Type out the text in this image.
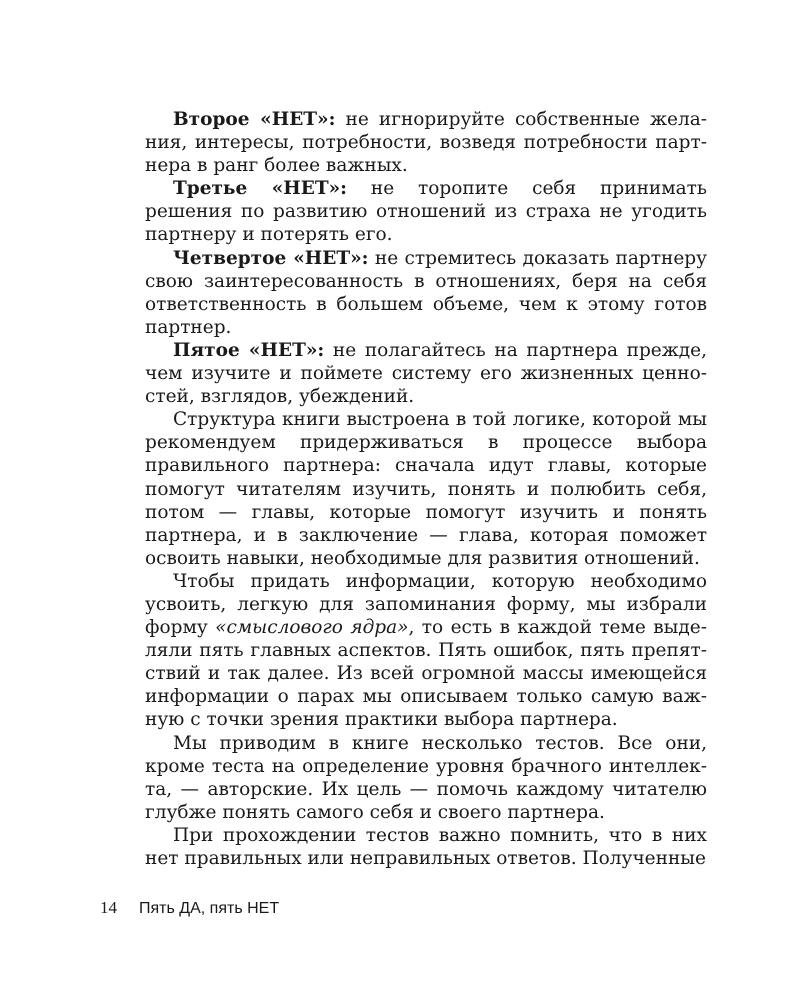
Второе «НЕТ»: не игнорируйте собственные желания, интересы, потребности, возведя потребности партнера в ранг более важных.

Третье «НЕТ»: не торопите себя принимать решения по развитию отношений из страха не угодить партнеру и потерять его.

Четвертое «НЕТ»: не стремитесь доказать партнеру свою заинтересованность в отношениях, беря на себя ответственность в большем объеме, чем к этому готов партнер.

Пятое «НЕТ»: не полагайтесь на партнера прежде, чем изучите и поймете систему его жизненных ценностей, взглядов, убеждений.

Структура книги выстроена в той логике, которой мы рекомендуем придерживаться в процессе выбора правильного партнера: сначала идут главы, которые помогут читателям изучить, понять и полюбить себя, потом — главы, которые помогут изучить и понять партнера, и в заключение — глава, которая поможет освоить навыки, необходимые для развития отношений.

Чтобы придать информации, которую необходимо усвоить, легкую для запоминания форму, мы избрали форму «смыслового ядра», то есть в каждой теме выделяли пять главных аспектов. Пять ошибок, пять препятствий и так далее. Из всей огромной массы имеющейся информации о парах мы описываем только самую важную с точки зрения практики выбора партнера.

Мы приводим в книге несколько тестов. Все они, кроме теста на определение уровня брачного интеллекта, — авторские. Их цель — помочь каждому читателю глубже понять самого себя и своего партнера.

При прохождении тестов важно помнить, что в них нет правильных или неправильных ответов. Полученные

14 Пять ДА, пять НЕТ
